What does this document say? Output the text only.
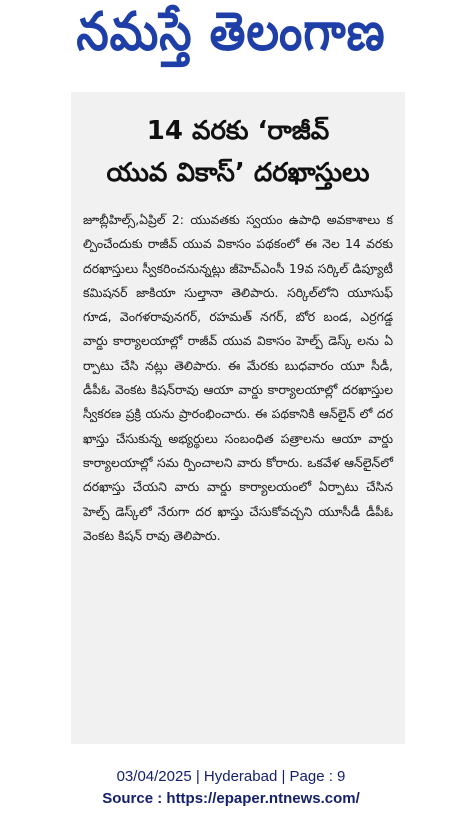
నమస్తే తెలంగాణ
14 వరకు ‘రాజీవ్
యువ వికాస్’ దరఖాస్తులు
జూబ్లీహిల్స్,ఏప్రిల్ 2: యువతకు స్వయం ఉపాధి అవకాశాలు కల్పించేందుకు రాజీవ్ యువ వికాసం పథకంలో ఈ నెల 14 వరకు దరఖాస్తులు స్వీకరించనున్నట్లు జీహెచ్ఎంసీ 19వ సర్కిల్ డిప్యూటీ కమిషనర్ జాకియా సుల్తానా తెలిపారు. సర్కిల్‌లోని యూసుఫ్ గూడ, వెంగళరావునగర్, రహమత్ నగర్, బోర బండ, ఎర్రగడ్డ వార్డు కార్యాలయాల్లో రాజీవ్ యువ వికాసం హెల్ప్ డెస్క్ లను ఏర్పాటు చేసి నట్లు తెలిపారు. ఈ మేరకు బుధవారం యూ సీడీ, డీపీఓ వెంకట కిషన్‌రావు ఆయా వార్డు కార్యాలయాల్లో దరఖాస్తుల స్వీకరణ ప్రక్రి యను ప్రారంభించారు. ఈ పథకానికి ఆన్‌లైన్ లో దరఖాస్తు చేసుకున్న అభ్యర్థులు సంబంధిత పత్రాలను ఆయా వార్డు కార్యాలయాల్లో సమ ర్పించాలని వారు కోరారు. ఒకవేళ ఆన్‌లైన్‌లో దరఖాస్తు చేయని వారు వార్డు కార్యాలయంలో ఏర్పాటు చేసిన హెల్ప్ డెస్క్‌లో నేరుగా దర ఖాస్తు చేసుకోవచ్చని యూసీడీ డీపీఓ వెంకట కిషన్ రావు తెలిపారు.
03/04/2025 | Hyderabad | Page : 9
Source : https://epaper.ntnews.com/
